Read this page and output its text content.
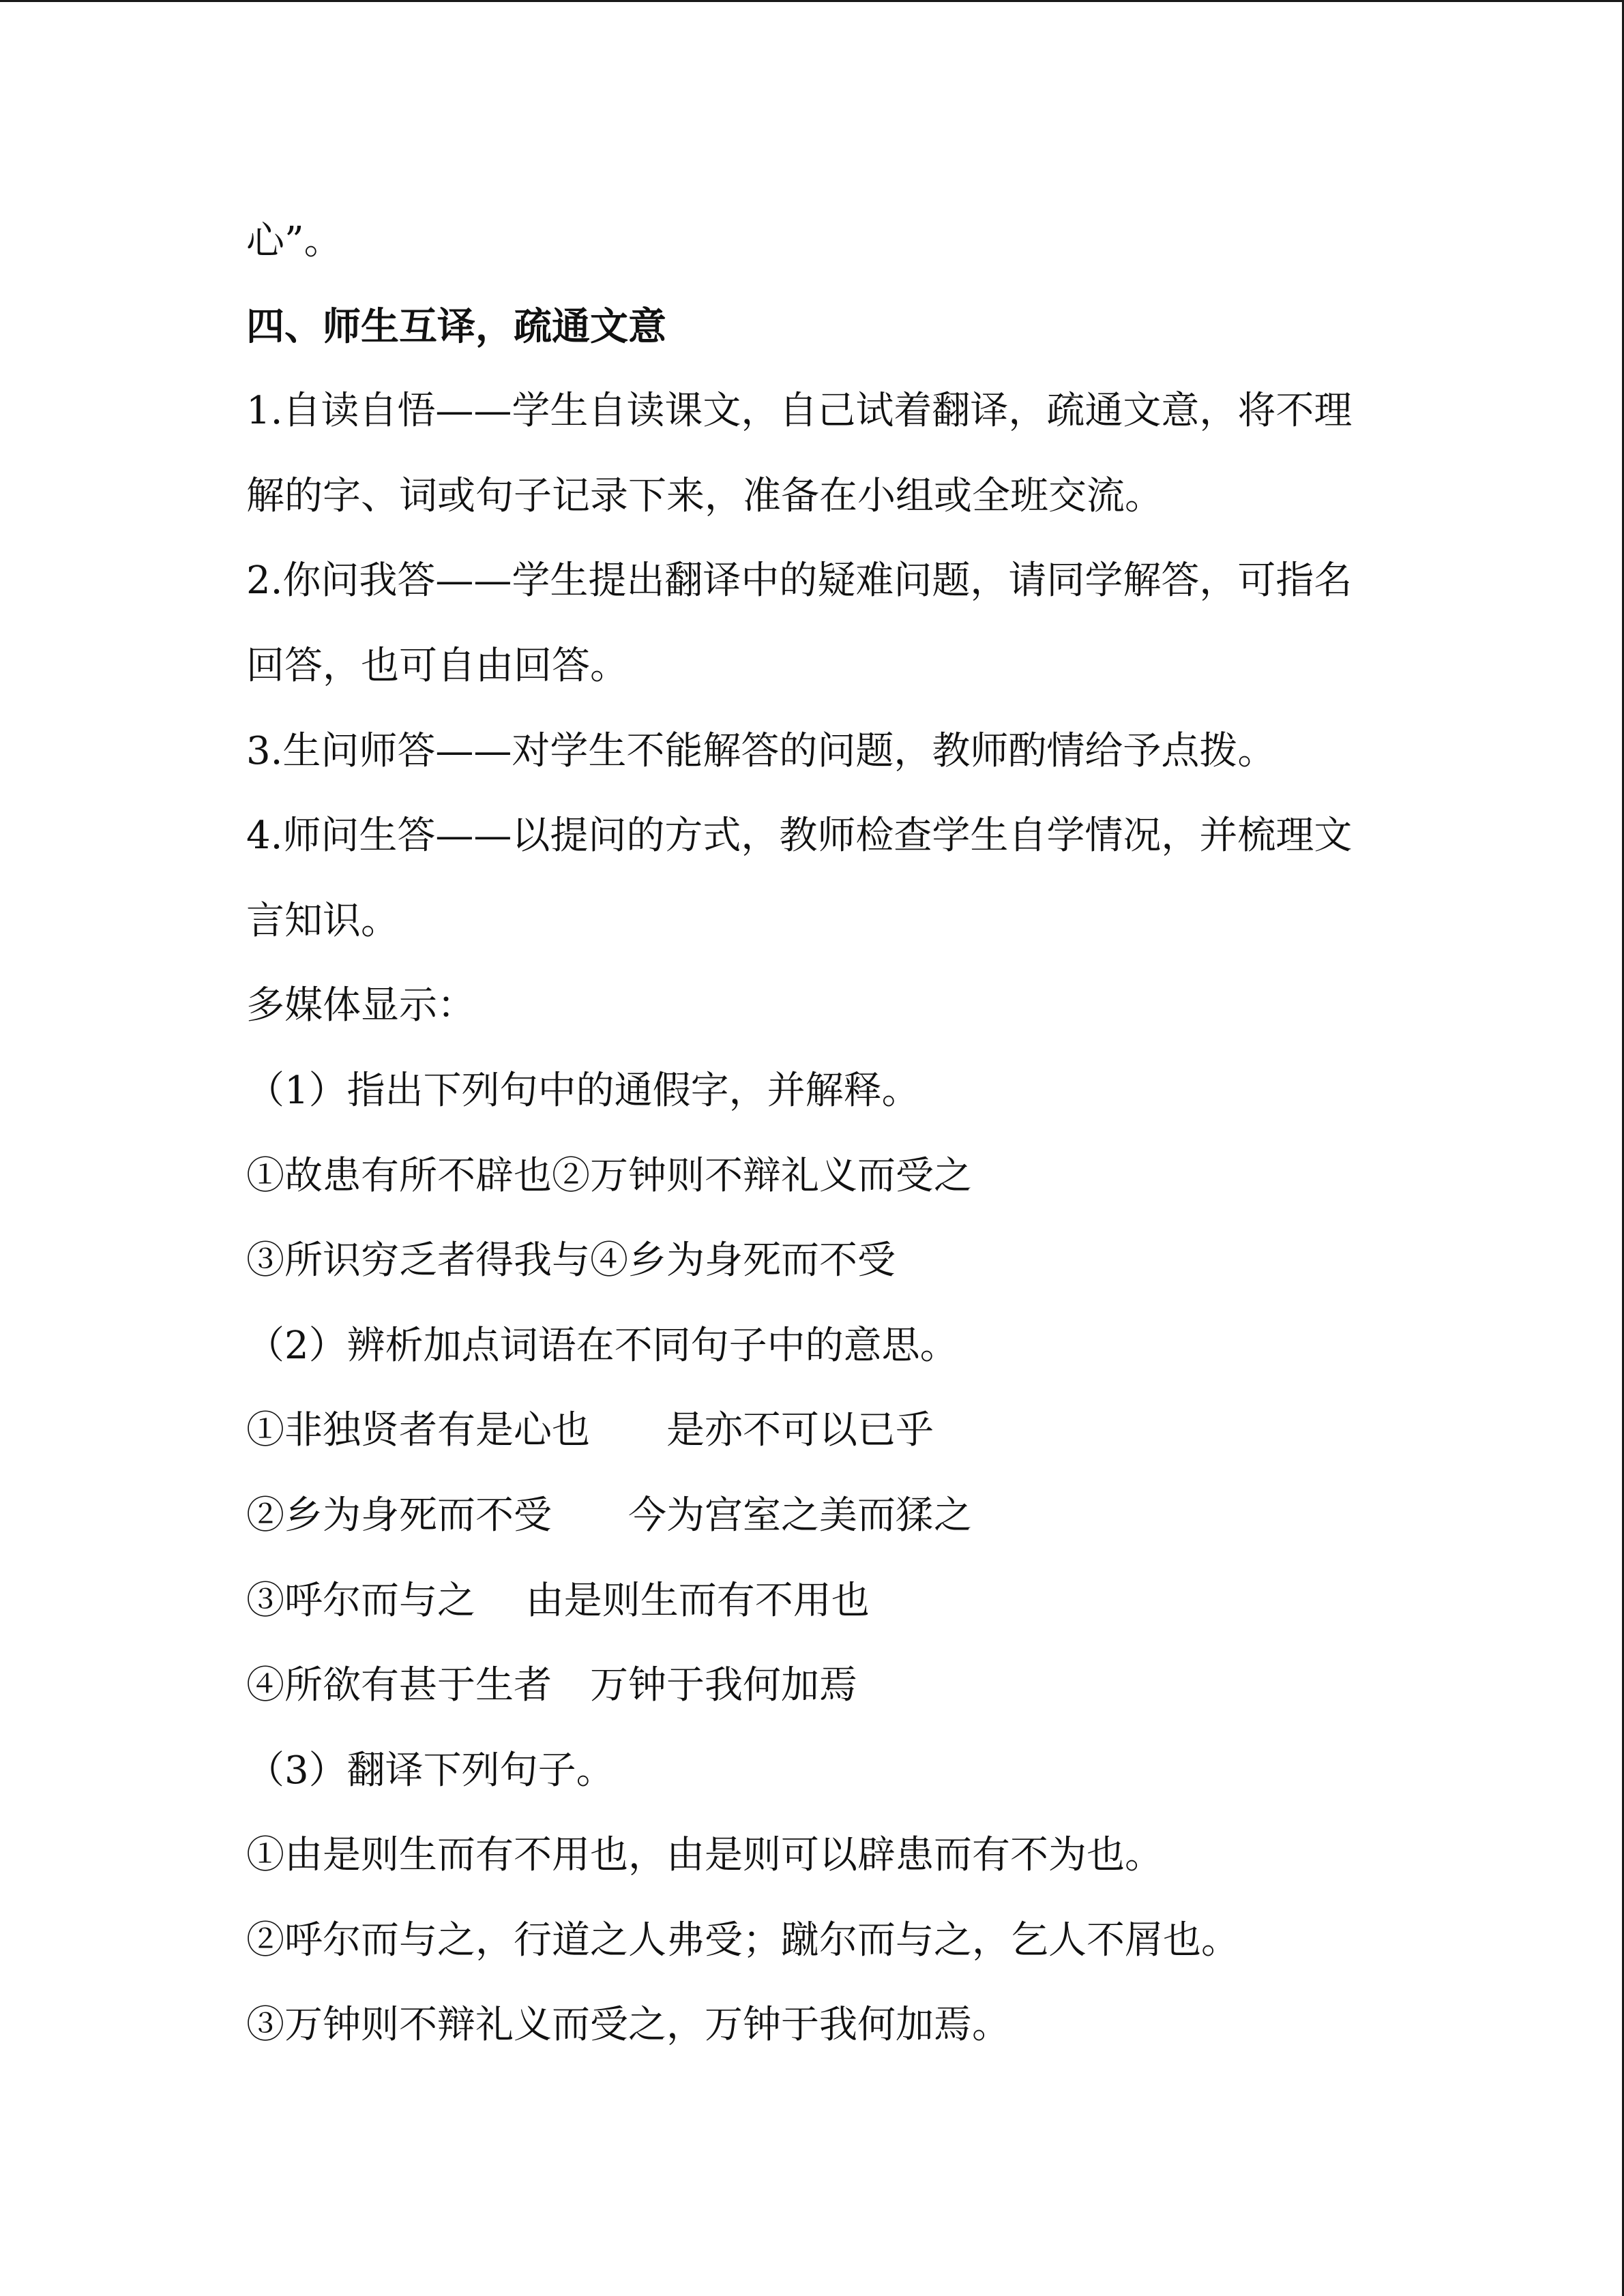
心”。
四、师生互译，疏通文意
1.自读自悟——学生自读课文，自己试着翻译，疏通文意，将不理
解的字、词或句子记录下来，准备在小组或全班交流。
2.你问我答——学生提出翻译中的疑难问题，请同学解答，可指名
回答，也可自由回答。
3.生问师答——对学生不能解答的问题，教师酌情给予点拨。
4.师问生答——以提问的方式，教师检查学生自学情况，并梳理文
言知识。
多媒体显示：
（1）指出下列句中的通假字，并解释。
①故患有所不辟也②万钟则不辩礼义而受之
③所识穷乏者得我与④乡为身死而不受
（2）辨析加点词语在不同句子中的意思。
①非独贤者有是心也　　是亦不可以已乎
②乡为身死而不受　　今为宫室之美而猱之
③呼尔而与之　 由是则生而有不用也
④所欲有甚于生者　万钟于我何加焉
（3）翻译下列句子。
①由是则生而有不用也，由是则可以辟患而有不为也。
②呼尔而与之，行道之人弗受；蹴尔而与之，乞人不屑也。
③万钟则不辩礼义而受之，万钟于我何加焉。
